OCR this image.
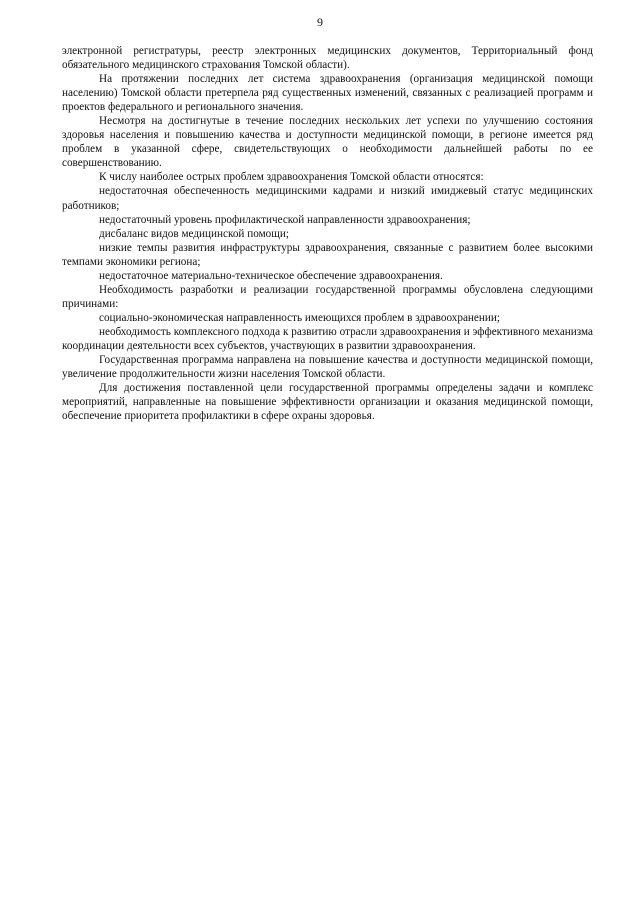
9

электронной регистратуры, реестр электронных медицинских документов, Территориальный фонд обязательного медицинского страхования Томской области).

На протяжении последних лет система здравоохранения (организация медицинской помощи населению) Томской области претерпела ряд существенных изменений, связанных с реализацией программ и проектов федерального и регионального значения.

Несмотря на достигнутые в течение последних нескольких лет успехи по улучшению состояния здоровья населения и повышению качества и доступности медицинской помощи, в регионе имеется ряд проблем в указанной сфере, свидетельствующих о необходимости дальнейшей работы по ее совершенствованию.

К числу наиболее острых проблем здравоохранения Томской области относятся:

недостаточная обеспеченность медицинскими кадрами и низкий имиджевый статус медицинских работников;

недостаточный уровень профилактической направленности здравоохранения;

дисбаланс видов медицинской помощи;

низкие темпы развития инфраструктуры здравоохранения, связанные с развитием более высокими темпами экономики региона;

недостаточное материально-техническое обеспечение здравоохранения.

Необходимость разработки и реализации государственной программы обусловлена следующими причинами:

социально-экономическая направленность имеющихся проблем в здравоохранении;

необходимость комплексного подхода к развитию отрасли здравоохранения и эффективного механизма координации деятельности всех субъектов, участвующих в развитии здравоохранения.

Государственная программа направлена на повышение качества и доступности медицинской помощи, увеличение продолжительности жизни населения Томской области.

Для достижения поставленной цели государственной программы определены задачи и комплекс мероприятий, направленные на повышение эффективности организации и оказания медицинской помощи, обеспечение приоритета профилактики в сфере охраны здоровья.
